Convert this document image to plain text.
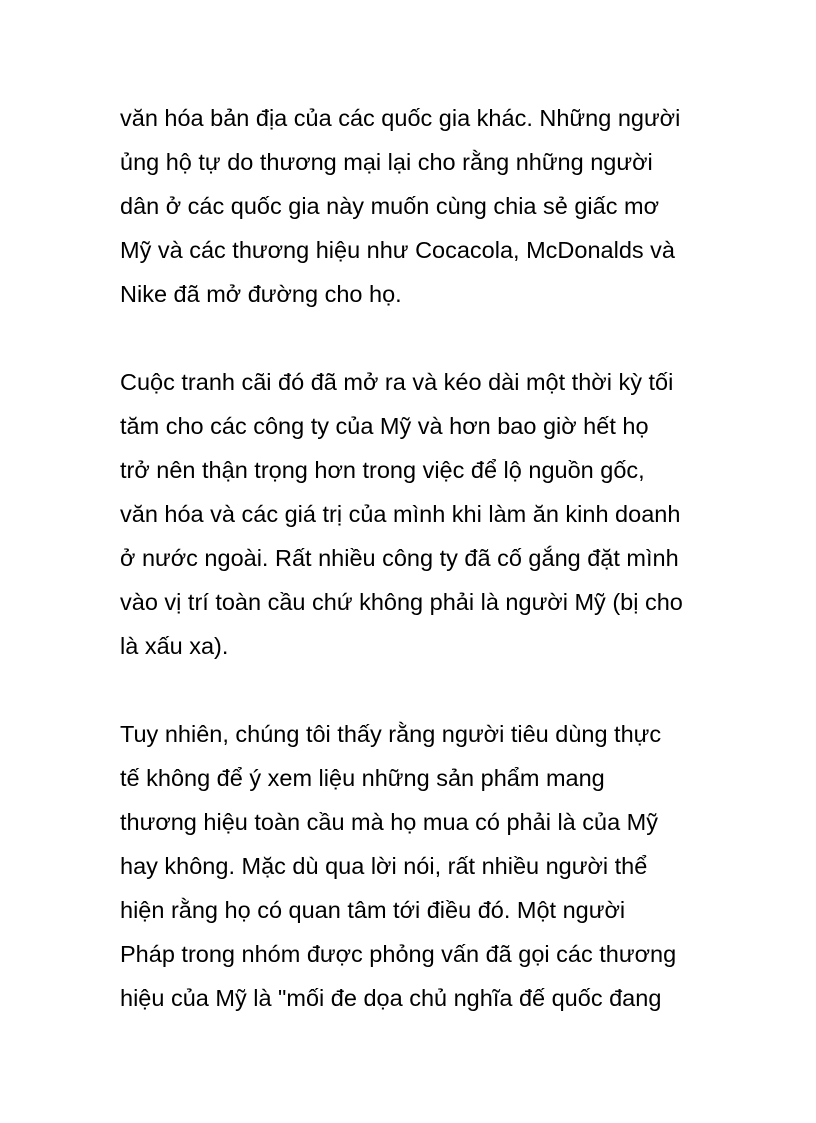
văn hóa bản địa của các quốc gia khác. Những người

ủng hộ tự do thương mại lại cho rằng những người

dân ở các quốc gia này muốn cùng chia sẻ giấc mơ

Mỹ và các thương hiệu như Cocacola, McDonalds và

Nike đã mở đường cho họ.

Cuộc tranh cãi đó đã mở ra và kéo dài một thời kỳ tối

tăm cho các công ty của Mỹ và hơn bao giờ hết họ

trở nên thận trọng hơn trong việc để lộ nguồn gốc,

văn hóa và các giá trị của mình khi làm ăn kinh doanh

ở nước ngoài. Rất nhiều công ty đã cố gắng đặt mình

vào vị trí toàn cầu chứ không phải là người Mỹ (bị cho

là xấu xa).

Tuy nhiên, chúng tôi thấy rằng người tiêu dùng thực

tế không để ý xem liệu những sản phẩm mang

thương hiệu toàn cầu mà họ mua có phải là của Mỹ

hay không. Mặc dù qua lời nói, rất nhiều người thể

hiện rằng họ có quan tâm tới điều đó. Một người

Pháp trong nhóm được phỏng vấn đã gọi các thương

hiệu của Mỹ là "mối đe dọa chủ nghĩa đế quốc đang
